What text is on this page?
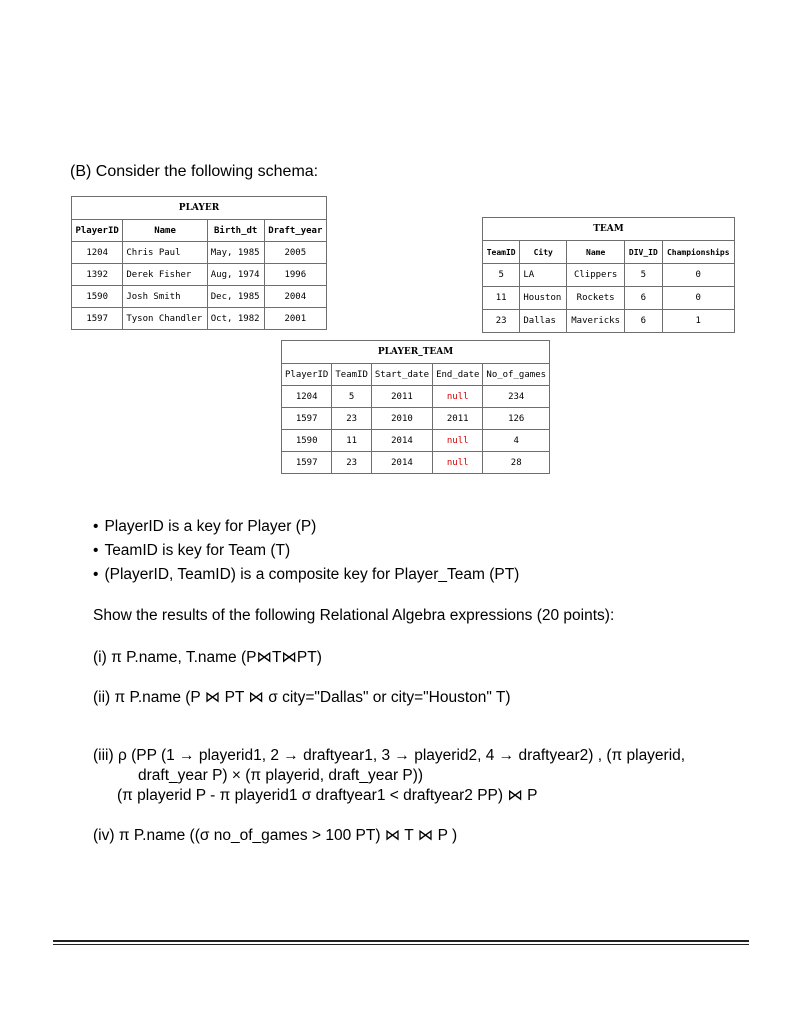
(B) Consider the following schema:
PLAYER
PlayerID	Name	Birth_dt	Draft_year
1204	Chris Paul	May, 1985	2005
1392	Derek Fisher	Aug, 1974	1996
1590	Josh Smith	Dec, 1985	2004
1597	Tyson Chandler	Oct, 1982	2001
TEAM
TeamID	City	Name	DIV_ID	Championships
5	LA	Clippers	5	0
11	Houston	Rockets	6	0
23	Dallas	Mavericks	6	1
PLAYER_TEAM
PlayerID	TeamID	Start_date	End_date	No_of_games
1204	5	2011	null	234
1597	23	2010	2011	126
1590	11	2014	null	4
1597	23	2014	null	28
• PlayerID is a key for Player (P)
• TeamID is key for Team (T)
• (PlayerID, TeamID) is a composite key for Player_Team (PT)
Show the results of the following Relational Algebra expressions (20 points):
(i) π P.name, T.name (P⋈T⋈PT)
(ii) π P.name (P ⋈ PT ⋈ σ city="Dallas" or city="Houston" T)
(iii) ρ (PP (1 → playerid1, 2 → draftyear1, 3 → playerid2, 4 → draftyear2) , (π playerid,
draft_year P) × (π playerid, draft_year P))
(π playerid P - π playerid1 σ draftyear1 < draftyear2 PP) ⋈ P
(iv) π P.name ((σ no_of_games > 100 PT) ⋈ T ⋈ P )
